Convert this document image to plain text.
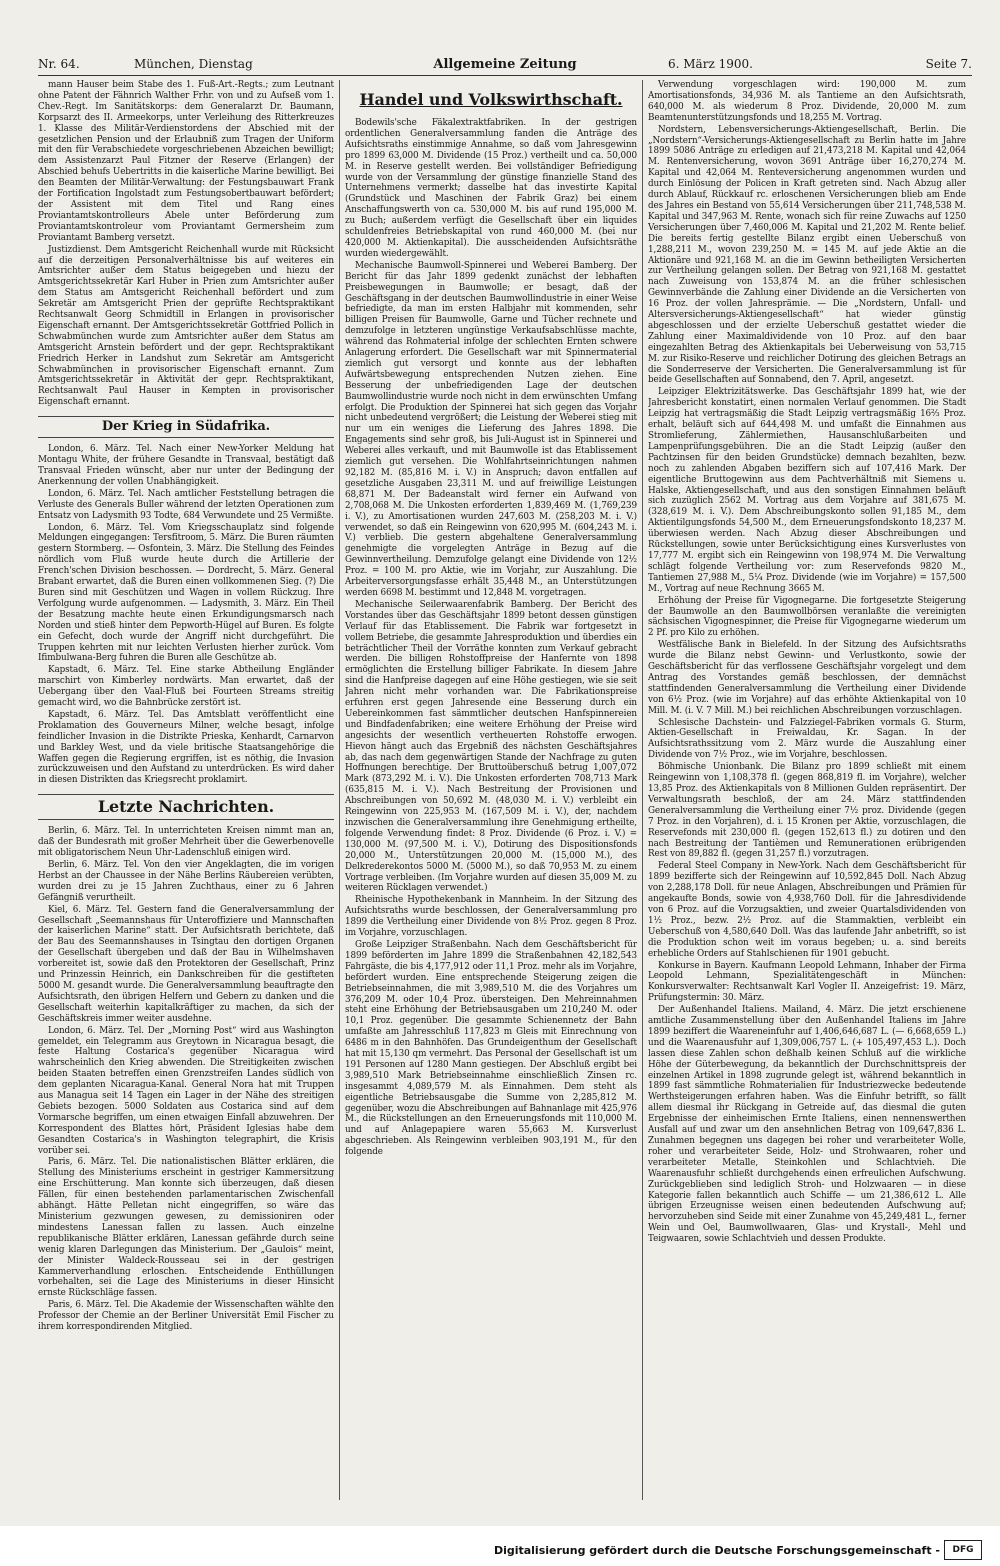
Nr. 64.	München, Dienstag	Allgemeine Zeitung	6. März 1900.	Seite 7.

mann Hauser beim Stabe des 1. Fuß-Art.-Regts.; zum Leutnant ohne Patent der Fähnrich Walther Frhr. von und zu Aufseß vom 1. Chev.-Regt. Im Sanitätskorps: dem Generalarzt Dr. Baumann, Korpsarzt des II. Armeekorps, unter Verleihung des Ritterkreuzes 1. Klasse des Militär-Verdienstordens der Abschied mit der gesetzlichen Pension und der Erlaubniß zum Tragen der Uniform mit den für Verabschiedete vorgeschriebenen Abzeichen bewilligt; dem Assistenzarzt Paul Fitzner der Reserve (Erlangen) der Abschied behufs Uebertritts in die kaiserliche Marine bewilligt. Bei den Beamten der Militär-Verwaltung: der Festungsbauwart Frank der Fortification Ingolstadt zum Festungsobertbauwart befördert; der Assistent mit dem Titel und Rang eines Proviantamtskontrolleurs Abele unter Beförderung zum Proviantamtskontroleur vom Proviantamt Germersheim zum Proviantamt Bamberg versetzt.

Justizdienst. Dem Amtsgericht Reichenhall wurde mit Rücksicht auf die derzeitigen Personalverhältnisse bis auf weiteres ein Amtsrichter außer dem Status beigegeben und hiezu der Amtsgerichtssekretär Karl Huber in Prien zum Amtsrichter außer dem Status am Amtsgericht Reichenhall befördert und zum Sekretär am Amtsgericht Prien der geprüfte Rechtspraktikant Rechtsanwalt Georg Schmidtill in Erlangen in provisorischer Eigenschaft ernannt. Der Amtsgerichtssekretär Gottfried Pollich in Schwabmünchen wurde zum Amtsrichter außer dem Status am Amtsgericht Arnstein befördert und der gepr. Rechtspraktikant Friedrich Herker in Landshut zum Sekretär am Amtsgericht Schwabmünchen in provisorischer Eigenschaft ernannt. Zum Amtsgerichtssekretär in Aktivität der gepr. Rechtspraktikant, Rechtsanwalt Paul Hauser in Kempten in provisorischer Eigenschaft ernannt.

Der Krieg in Südafrika.

London, 6. März. Tel. Nach einer New-Yorker Meldung hat Montagu White, der frühere Gesandte in Transvaal, bestätigt daß Transvaal Frieden wünscht, aber nur unter der Bedingung der Anerkennung der vollen Unabhängigkeit.

London, 6. März. Tel. Nach amtlicher Feststellung betragen die Verluste des Generals Buller während der letzten Operationen zum Entsatz von Ladysmith 93 Todte, 684 Verwundete und 25 Vermißte.

London, 6. März. Tel. Vom Kriegsschauplatz sind folgende Meldungen eingegangen: Tersfitroom, 5. März. Die Buren räumten gestern Stormberg. — Osfontein, 3. März. Die Stellung des Feindes nördlich vom Fluß wurde heute durch die Artillerie der French'schen Division beschossen. — Dordrecht, 5. März. General Brabant erwartet, daß die Buren einen vollkommenen Sieg. (?) Die Buren sind mit Geschützen und Wagen in vollem Rückzug. Ihre Verfolgung wurde aufgenommen. — Ladysmith, 3. März. Ein Theil der Besatzung machte heute einen Erkundigungsmarsch nach Norden und stieß hinter dem Pepworth-Hügel auf Buren. Es folgte ein Gefecht, doch wurde der Angriff nicht durchgeführt. Die Truppen kehrten mit nur leichten Verlusten hierher zurück. Vom Ifimbulwana-Berg fuhren die Buren alle Geschütze ab.

Kapstadt, 6. März. Tel. Eine starke Abtheilung Engländer marschirt von Kimberley nordwärts. Man erwartet, daß der Uebergang über den Vaal-Fluß bei Fourteen Streams streitig gemacht wird, wo die Bahnbrücke zerstört ist.

Kapstadt, 6. März. Tel. Das Amtsblatt veröffentlicht eine Proklamation des Gouverneurs Milner, welche besagt, infolge feindlicher Invasion in die Distrikte Prieska, Kenhardt, Carnarvon und Barkley West, und da viele britische Staatsangehörige die Waffen gegen die Regierung ergriffen, ist es nöthig, die Invasion zurückzuweisen und den Aufstand zu unterdrücken. Es wird daher in diesen Distrikten das Kriegsrecht proklamirt.

Letzte Nachrichten.

Berlin, 6. März. Tel. In unterrichteten Kreisen nimmt man an, daß der Bundesrath mit großer Mehrheit über die Gewerbenovelle mit obligatorischem Neun Uhr-Ladenschluß einigen wird.

Berlin, 6. März. Tel. Von den vier Angeklagten, die im vorigen Herbst an der Chaussee in der Nähe Berlins Räubereien verübten, wurden drei zu je 15 Jahren Zuchthaus, einer zu 6 Jahren Gefängniß verurtheilt.

Kiel, 6. März. Tel. Gestern fand die Generalversammlung der Gesellschaft „Seemannshaus für Unteroffiziere und Mannschaften der kaiserlichen Marine“ statt. Der Aufsichtsrath berichtete, daß der Bau des Seemannshauses in Tsingtau den dortigen Organen der Gesellschaft übergeben und daß der Bau in Wilhelmshaven vorbereitet ist, sowie daß den Protektoren der Gesellschaft, Prinz und Prinzessin Heinrich, ein Dankschreiben für die gestifteten 5000 M. gesandt wurde. Die Generalversammlung beauftragte den Aufsichtsrath, den übrigen Helfern und Gebern zu danken und die Gesellschaft weiterhin kapitalkräftiger zu machen, da sich der Geschäftskreis immer weiter ausdehne.

London, 6. März. Tel. Der „Morning Post“ wird aus Washington gemeldet, ein Telegramm aus Greytown in Nicaragua besagt, die feste Haltung Costarica's gegenüber Nicaragua wird wahrscheinlich den Krieg abwenden. Die Streitigkeiten zwischen beiden Staaten betreffen einen Grenzstreifen Landes südlich von dem geplanten Nicaragua-Kanal. General Nora hat mit Truppen aus Managua seit 14 Tagen ein Lager in der Nähe des streitigen Gebiets bezogen. 5000 Soldaten aus Costarica sind auf dem Vormarsche begriffen, um einen etwaigen Einfall abzuwehren. Der Korrespondent des Blattes hört, Präsident Iglesias habe dem Gesandten Costarica's in Washington telegraphirt, die Krisis vorüber sei.

Paris, 6. März. Tel. Die nationalistischen Blätter erklären, die Stellung des Ministeriums erscheint in gestriger Kammersitzung eine Erschütterung. Man konnte sich überzeugen, daß diesen Fällen, für einen bestehenden parlamentarischen Zwischenfall abhängt. Hätte Pelletan nicht eingegriffen, so wäre das Ministerium gezwungen gewesen, zu demissioniren oder mindestens Lanessan fallen zu lassen. Auch einzelne republikanische Blätter erklären, Lanessan gefährde durch seine wenig klaren Darlegungen das Ministerium. Der „Gaulois“ meint, der Minister Waldeck-Rousseau sei in der gestrigen Kammerverhandlung erloschen. Entscheidende Enthüllungen vorbehalten, sei die Lage des Ministeriums in dieser Hinsicht ernste Rückschläge fassen.

Paris, 6. März. Tel. Die Akademie der Wissenschaften wählte den Professor der Chemie an der Berliner Universität Emil Fischer zu ihrem korrespondirenden Mitglied.

Handel und Volkswirthschaft.

Bodewils'sche Fäkalextraktfabriken. In der gestrigen ordentlichen Generalversammlung fanden die Anträge des Aufsichtsraths einstimmige Annahme, so daß vom Jahresgewinn pro 1899 63,000 M. Dividende (15 Proz.) vertheilt und ca. 50,000 M. in Reserve gestellt werden. Bei vollständiger Befriedigung wurde von der Versammlung der günstige finanzielle Stand des Unternehmens vermerkt; dasselbe hat das investirte Kapital (Grundstück und Maschinen der Fabrik Graz) bei einem Anschaffungswerth von ca. 530,000 M. bis auf rund 195,000 M. zu Buch; außerdem verfügt die Gesellschaft über ein liquides schuldenfreies Betriebskapital von rund 460,000 M. (bei nur 420,000 M. Aktienkapital). Die ausscheidenden Aufsichtsräthe wurden wiedergewählt.

Mechanische Baumwoll-Spinnerei und Weberei Bamberg. Der Bericht für das Jahr 1899 gedenkt zunächst der lebhaften Preisbewegungen in Baumwolle; er besagt, daß der Geschäftsgang in der deutschen Baumwollindustrie in einer Weise befriedigte, da man im ersten Halbjahr mit kommenden, sehr billigen Preisen für Baumwolle, Garne und Tücher rechnete und demzufolge in letzteren ungünstige Verkaufsabschlüsse machte, während das Rohmaterial infolge der schlechten Ernten schwere Anlagerung erfordert. Die Gesellschaft war mit Spinnermaterial ziemlich gut versorgt und konnte aus der lebhaften Aufwärtsbewegung entsprechenden Nutzen ziehen. Eine Besserung der unbefriedigenden Lage der deutschen Baumwollindustrie wurde noch nicht in dem erwünschten Umfang erfolgt. Die Produktion der Spinnerei hat sich gegen das Vorjahr nicht unbedeutend vergrößert; die Leistung der Weberei stieg mit nur um ein weniges die Lieferung des Jahres 1898. Die Engagements sind sehr groß, bis Juli-August ist in Spinnerei und Weberei alles verkauft, und mit Baumwolle ist das Etablissement ziemlich gut versehen. Die Wohlfahrtseinrichtungen nahmen 92,182 M. (85,816 M. i. V.) in Anspruch; davon entfallen auf gesetzliche Ausgaben 23,311 M. und auf freiwillige Leistungen 68,871 M. Der Badeanstalt wird ferner ein Aufwand von 2,708,068 M. Die Unkosten erforderten 1,839,469 M. (1,769,239 i. V.), zu Amortisationen wurden 247,603 M. (258,203 M. i. V.) verwendet, so daß ein Reingewinn von 620,995 M. (604,243 M. i. V.) verblieb. Die gestern abgehaltene Generalversammlung genehmigte die vorgelegten Anträge in Bezug auf die Gewinnvertheilung. Demzufolge gelangt eine Dividende von 12½ Proz. = 100 M. pro Aktie, wie im Vorjahr, zur Auszahlung. Die Arbeiterversorgungsfasse erhält 35,448 M., an Unterstützungen werden 6698 M. bestimmt und 12,848 M. vorgetragen.

Mechanische Seilerwaarenfabrik Bamberg. Der Bericht des Vorstandes über das Geschäftsjahr 1899 betont dessen günstigen Verlauf für das Etablissement. Die Fabrik war fortgesetzt in vollem Betriebe, die gesammte Jahresproduktion und überdies ein beträchtlicher Theil der Vorräthe konnten zum Verkauf gebracht werden. Die billigen Rohstoffpreise der Hanfernte von 1898 ermöglichten die Erstellung billiger Fabrikate. In diesem Jahre sind die Hanfpreise dagegen auf eine Höhe gestiegen, wie sie seit Jahren nicht mehr vorhanden war. Die Fabrikationspreise erfuhren erst gegen Jahresende eine Besserung durch ein Uebereinkommen fast sämmtlicher deutschen Hanfspinnereien und Bindfadenfabriken; eine weitere Erhöhung der Preise wird angesichts der wesentlich vertheuerten Rohstoffe erwogen. Hievon hängt auch das Ergebniß des nächsten Geschäftsjahres ab, das nach dem gegenwärtigen Stande der Nachfrage zu guten Hoffnungen berechtige. Der Bruttoüberschuß betrug 1,007,072 Mark (873,292 M. i. V.). Die Unkosten erforderten 708,713 Mark (635,815 M. i. V.). Nach Bestreitung der Provisionen und Abschreibungen von 50,692 M. (48,030 M. i. V.) verbleibt ein Reingewinn von 225,953 M. (167,509 M. i. V.), der, nachdem inzwischen die Generalversammlung ihre Genehmigung ertheilte, folgende Verwendung findet: 8 Proz. Dividende (6 Proz. i. V.) = 130,000 M. (97,500 M. i. V.), Dotirung des Dispositionsfonds 20,000 M., Unterstützungen 20,000 M. (15,000 M.), des Delkrederekontos 5000 M. (5000 M.), so daß 70,953 M. zu einem Vortrage verbleiben. (Im Vorjahre wurden auf diesen 35,009 M. zu weiteren Rücklagen verwendet.)

Rheinische Hypothekenbank in Mannheim. In der Sitzung des Aufsichtsraths wurde beschlossen, der Generalversammlung pro 1899 die Vertheilung einer Dividende von 8½ Proz. gegen 8 Proz. im Vorjahre, vorzuschlagen.

Große Leipziger Straßenbahn. Nach dem Geschäftsbericht für 1899 beförderten im Jahre 1899 die Straßenbahnen 42,182,543 Fahrgäste, die bis 4,177,912 oder 11,1 Proz. mehr als im Vorjahre, befördert wurden. Eine entsprechende Steigerung zeigen die Betriebseinnahmen, die mit 3,989,510 M. die des Vorjahres um 376,209 M. oder 10,4 Proz. übersteigen. Den Mehreinnahmen steht eine Erhöhung der Betriebsausgaben um 210,240 M. oder 10,1 Proz. gegenüber. Die gesammte Schienennetz der Bahn umfaßte am Jahresschluß 117,823 m Gleis mit Einrechnung von 6486 m in den Bahnhöfen. Das Grundeigenthum der Gesellschaft hat mit 15,130 qm vermehrt. Das Personal der Gesellschaft ist um 191 Personen auf 1280 Mann gestiegen. Der Abschluß ergibt bei 3,989,510 Mark Betriebseinnahme einschließlich Zinsen rc. insgesammt 4,089,579 M. als Einnahmen. Dem steht als eigentliche Betriebsausgabe die Summe von 2,285,812 M. gegenüber, wozu die Abschreibungen auf Bahnanlage mit 425,976 M., die Rückstellungen an den Erneuerungsfonds mit 110,000 M. und auf Anlagepapiere waren 55,663 M. Kursverlust abgeschrieben. Als Reingewinn verbleiben 903,191 M., für den folgende

Verwendung vorgeschlagen wird: 190,000 M. zum Amortisationsfonds, 34,936 M. als Tantieme an den Aufsichtsrath, 640,000 M. als wiederum 8 Proz. Dividende, 20,000 M. zum Beamtenunterstützungsfonds und 18,255 M. Vortrag.

Nordstern, Lebensversicherungs-Aktiengesellschaft, Berlin. Die „Nordstern“-Versicherungs-Aktiengesellschaft zu Berlin hatte im Jahre 1899 5086 Anträge zu erledigen auf 21,473,218 M. Kapital und 42,064 M. Rentenversicherung, wovon 3691 Anträge über 16,270,274 M. Kapital und 42,064 M. Renteversicherung angenommen wurden und durch Einlösung der Policen in Kraft getreten sind. Nach Abzug aller durch Ablauf, Rückkauf rc. erloschenen Versicherungen blieb am Ende des Jahres ein Bestand von 55,614 Versicherungen über 211,748,538 M. Kapital und 347,963 M. Rente, wonach sich für reine Zuwachs auf 1250 Versicherungen über 7,460,006 M. Kapital und 21,202 M. Rente belief. Die bereits fertig gestellte Bilanz ergibt einen Ueberschuß von 1,288,211 M., wovon 239,250 M. = 145 M. auf jede Aktie an die Aktionäre und 921,168 M. an die im Gewinn betheiligten Versicherten zur Vertheilung gelangen sollen. Der Betrag von 921,168 M. gestattet nach Zuweisung von 153,874 M. an die früher schlesischen Gewinnverbände die Zahlung einer Dividende an die Versicherten von 16 Proz. der vollen Jahresprämie. — Die „Nordstern, Unfall- und Altersversicherungs-Aktiengesellschaft“ hat wieder günstig abgeschlossen und der erzielte Ueberschuß gestattet wieder die Zahlung einer Maximaldividende von 10 Proz. auf den baar eingezahlten Betrag des Aktienkapitals bei Ueberweisung von 53,715 M. zur Risiko-Reserve und reichlicher Dotirung des gleichen Betrags an die Sonderreserve der Versicherten. Die Generalversammlung ist für beide Gesellschaften auf Sonnabend, den 7. April, angesetzt.

Leipziger Elektrizitätswerke. Das Geschäftsjahr 1899 hat, wie der Jahresbericht konstatirt, einen normalen Verlauf genommen. Die Stadt Leipzig hat vertragsmäßig die Stadt Leipzig vertragsmäßig 16⅔ Proz. erhalt, beläuft sich auf 644,498 M. und umfaßt die Einnahmen aus Stromlieferung, Zählermiethen, Hausanschlußarbeiten und Lampenprüfungsgebühren. Die an die Stadt Leipzig (außer den Pachtzinsen für den beiden Grundstücke) demnach bezahlten, bezw. noch zu zahlenden Abgaben beziffern sich auf 107,416 Mark. Der eigentliche Bruttogewinn aus dem Pachtverhältniß mit Siemens u. Halske, Aktiengesellschaft, und aus den sonstigen Einnahmen beläuft sich zuzüglich 2562 M. Vortrag aus dem Vorjahre auf 381,675 M. (328,619 M. i. V.). Dem Abschreibungskonto sollen 91,185 M., dem Aktientilgungsfonds 54,500 M., dem Erneuerungsfondskonto 18,237 M. überwiesen werden. Nach Abzug dieser Abschreibungen und Rückstellungen, sowie unter Berücksichtigung eines Kursverlustes von 17,777 M. ergibt sich ein Reingewinn von 198,974 M. Die Verwaltung schlägt folgende Vertheilung vor: zum Reservefonds 9820 M., Tantiemen 27,988 M., 5¼ Proz. Dividende (wie im Vorjahre) = 157,500 M., Vortrag auf neue Rechnung 3665 M.

Erhöhung der Preise für Vigognegarne. Die fortgesetzte Steigerung der Baumwolle an den Baumwollbörsen veranlaßte die vereinigten sächsischen Vigognespinner, die Preise für Vigognegarne wiederum um 2 Pf. pro Kilo zu erhöhen.

Westfälische Bank in Bielefeld. In der Sitzung des Aufsichtsraths wurde die Bilanz nebst Gewinn- und Verlustkonto, sowie der Geschäftsbericht für das verflossene Geschäftsjahr vorgelegt und dem Antrag des Vorstandes gemäß beschlossen, der demnächst stattfindenden Generalversammlung die Vertheilung einer Dividende von 6½ Proz. (wie im Vorjahre) auf das erhöhte Aktienkapital von 10 Mill. M. (i. V. 7 Mill. M.) bei reichlichen Abschreibungen vorzuschlagen.

Schlesische Dachstein- und Falzziegel-Fabriken vormals G. Sturm, Aktien-Gesellschaft in Freiwaldau, Kr. Sagan. In der Aufsichtsrathssitzung vom 2. März wurde die Auszahlung einer Dividende von 7½ Proz., wie im Vorjahre, beschlossen.

Böhmische Unionbank. Die Bilanz pro 1899 schließt mit einem Reingewinn von 1,108,378 fl. (gegen 868,819 fl. im Vorjahre), welcher 13,85 Proz. des Aktienkapitals von 8 Millionen Gulden repräsentirt. Der Verwaltungsrath beschloß, der am 24. März stattfindenden Generalversammlung die Vertheilung einer 7½ proz. Dividende (gegen 7 Proz. in den Vorjahren), d. i. 15 Kronen per Aktie, vorzuschlagen, die Reservefonds mit 230,000 fl. (gegen 152,613 fl.) zu dotiren und den nach Bestreitung der Tantièmen und Remunerationen erübrigenden Rest von 89,882 fl. (gegen 31,257 fl.) vorzutragen.

Federal Steel Company in New-York. Nach dem Geschäftsbericht für 1899 bezifferte sich der Reingewinn auf 10,592,845 Doll. Nach Abzug von 2,288,178 Doll. für neue Anlagen, Abschreibungen und Prämien für angekaufte Bonds, sowie von 4,938,760 Doll. für die Jahresdividende von 6 Proz. auf die Vorzugsaktien, und zweier Quartalsdividenden von 1½ Proz., bezw. 2½ Proz. auf die Stammaktien, verbleibt ein Ueberschuß von 4,580,640 Doll. Was das laufende Jahr anbetrifft, so ist die Produktion schon weit im voraus begeben; u. a. sind bereits erhebliche Orders auf Stahlschienen für 1901 gebucht.

Konkurse in Bayern. Kaufmann Leopold Lehmann, Inhaber der Firma Leopold Lehmann, Spezialitätengeschäft in München: Konkursverwalter: Rechtsanwalt Karl Vogler II. Anzeigefrist: 19. März, Prüfungstermin: 30. März.

Der Außenhandel Italiens. Mailand, 4. März. Die jetzt erschienene amtliche Zusammenstellung über den Außenhandel Italiens im Jahre 1899 beziffert die Waareneinfuhr auf 1,406,646,687 L. (— 6,668,659 L.) und die Waarenausfuhr auf 1,309,006,757 L. (+ 105,497,453 L.). Doch lassen diese Zahlen schon deßhalb keinen Schluß auf die wirkliche Höhe der Güterbewegung, da bekanntlich der Durchschnittspreis der einzelnen Artikel in 1898 zugrunde gelegt ist, während bekanntlich in 1899 fast sämmtliche Rohmaterialien für Industriezwecke bedeutende Werthsteigerungen erfahren haben. Was die Einfuhr betrifft, so fällt allem diesmal ihr Rückgang in Getreide auf, das diesmal die guten Ergebnisse der einheimischen Ernte Italiens, einen nennenswerthen Ausfall auf und zwar um den ansehnlichen Betrag von 109,647,836 L. Zunahmen begegnen uns dagegen bei roher und verarbeiteter Wolle, roher und verarbeiteter Seide, Holz- und Strohwaaren, roher und verarbeiteter Metalle, Steinkohlen und Schlachtvieh. Die Waarenausfuhr schließt durchgehends einen erfreulichen Aufschwung. Zurückgeblieben sind lediglich Stroh- und Holzwaaren — in diese Kategorie fallen bekanntlich auch Schiffe — um 21,386,612 L. Alle übrigen Erzeugnisse weisen einen bedeutenden Aufschwung auf; hervorzuheben sind Seide mit einer Zunahme von 45,249,481 L., ferner Wein und Oel, Baumwollwaaren, Glas- und Krystall-, Mehl und Teigwaaren, sowie Schlachtvieh und dessen Produkte.

Digitalisierung gefördert durch die Deutsche Forschungsgemeinschaft -	DFG
